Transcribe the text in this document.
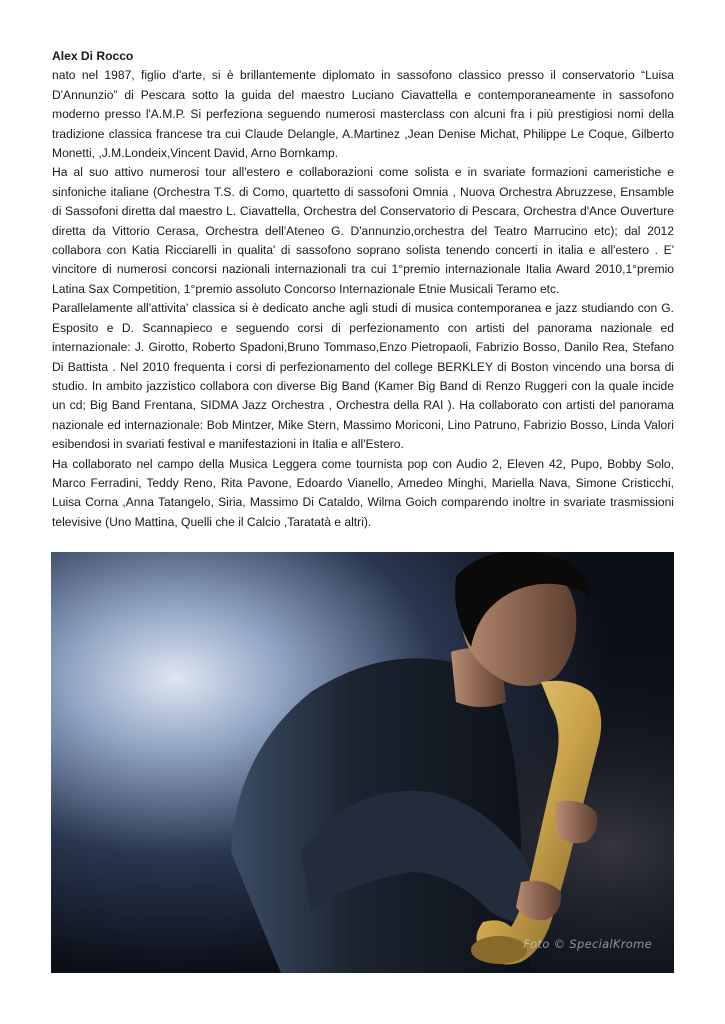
Alex Di Rocco

nato nel 1987, figlio d'arte, si è brillantemente diplomato in sassofono classico presso il conservatorio “Luisa D'Annunzio” di Pescara sotto la guida del maestro Luciano Ciavattella e contemporaneamente in sassofono moderno presso l'A.M.P. Si perfeziona seguendo numerosi masterclass con alcuni fra i più prestigiosi nomi della tradizione classica francese tra cui Claude Delangle, A.Martinez ,Jean Denise Michat, Philippe Le Coque, Gilberto Monetti, ,J.M.Londeix,Vincent David, Arno Bornkamp.

Ha al suo attivo numerosi tour all'estero e collaborazioni come solista e in svariate formazioni cameristiche e sinfoniche italiane (Orchestra T.S. di Como, quartetto di sassofoni Omnia , Nuova Orchestra Abruzzese, Ensamble di Sassofoni diretta dal maestro L. Ciavattella, Orchestra del Conservatorio di Pescara, Orchestra d'Ance Ouverture diretta da Vittorio Cerasa, Orchestra dell'Ateneo G. D'annunzio,orchestra del Teatro Marrucino etc); dal 2012 collabora con Katia Ricciarelli in qualita' di sassofono soprano solista tenendo concerti in italia e all'estero . E' vincitore di numerosi concorsi nazionali internazionali tra cui 1°premio internazionale Italia Award 2010,1°premio Latina Sax Competition, 1°premio assoluto Concorso Internazionale Etnie Musicali Teramo etc.

Parallelamente all'attivita' classica si è dedicato anche agli studi di musica contemporanea e jazz studiando con G. Esposito e D. Scannapieco e seguendo corsi di perfezionamento con artisti del panorama nazionale ed internazionale: J. Girotto, Roberto Spadoni,Bruno Tommaso,Enzo Pietropaoli, Fabrizio Bosso, Danilo Rea, Stefano Di Battista . Nel 2010 frequenta i corsi di perfezionamento del college BERKLEY di Boston vincendo una borsa di studio. In ambito jazzistico collabora con diverse Big Band (Kamer Big Band di Renzo Ruggeri con la quale incide un cd; Big Band Frentana, SIDMA Jazz Orchestra , Orchestra della RAI ). Ha collaborato con artisti del panorama nazionale ed internazionale: Bob Mintzer, Mike Stern, Massimo Moriconi, Lino Patruno, Fabrizio Bosso, Linda Valori esibendosi in svariati festival e manifestazioni in Italia e all'Estero.

Ha collaborato nel campo della Musica Leggera come tournista pop con Audio 2, Eleven 42, Pupo, Bobby Solo, Marco Ferradini, Teddy Reno, Rita Pavone, Edoardo Vianello, Amedeo Minghi, Mariella Nava, Simone Cristicchi, Luisa Corna ,Anna Tatangelo, Siria, Massimo Di Cataldo, Wilma Goich comparendo inoltre in svariate trasmissioni televisive (Uno Mattina, Quelli che il Calcio ,Taratatà e altri).

Foto © SpecialKrome
